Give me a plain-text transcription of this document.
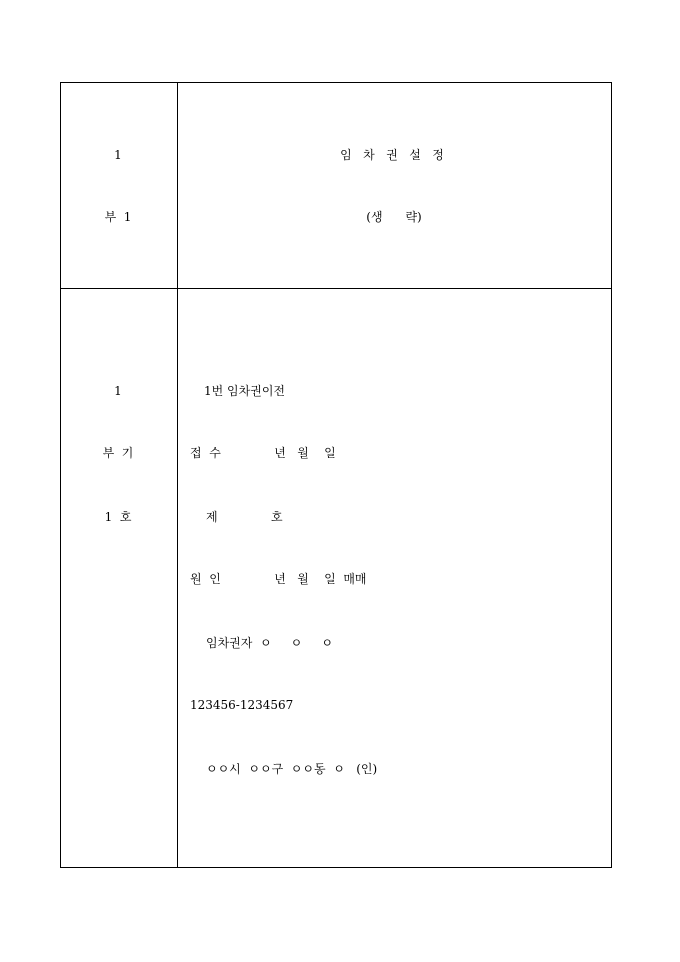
1
부  1
임   차   권   설   정
(생      략)
1
부  기
1  호
1번 임차권이전
접  수              년   월    일
제              호
원  인              년   월    일  매매
임차권자  ㅇ     ㅇ     ㅇ
123456-1234567
ㅇㅇ시  ㅇㅇ구  ㅇㅇ동  ㅇ   (인)
